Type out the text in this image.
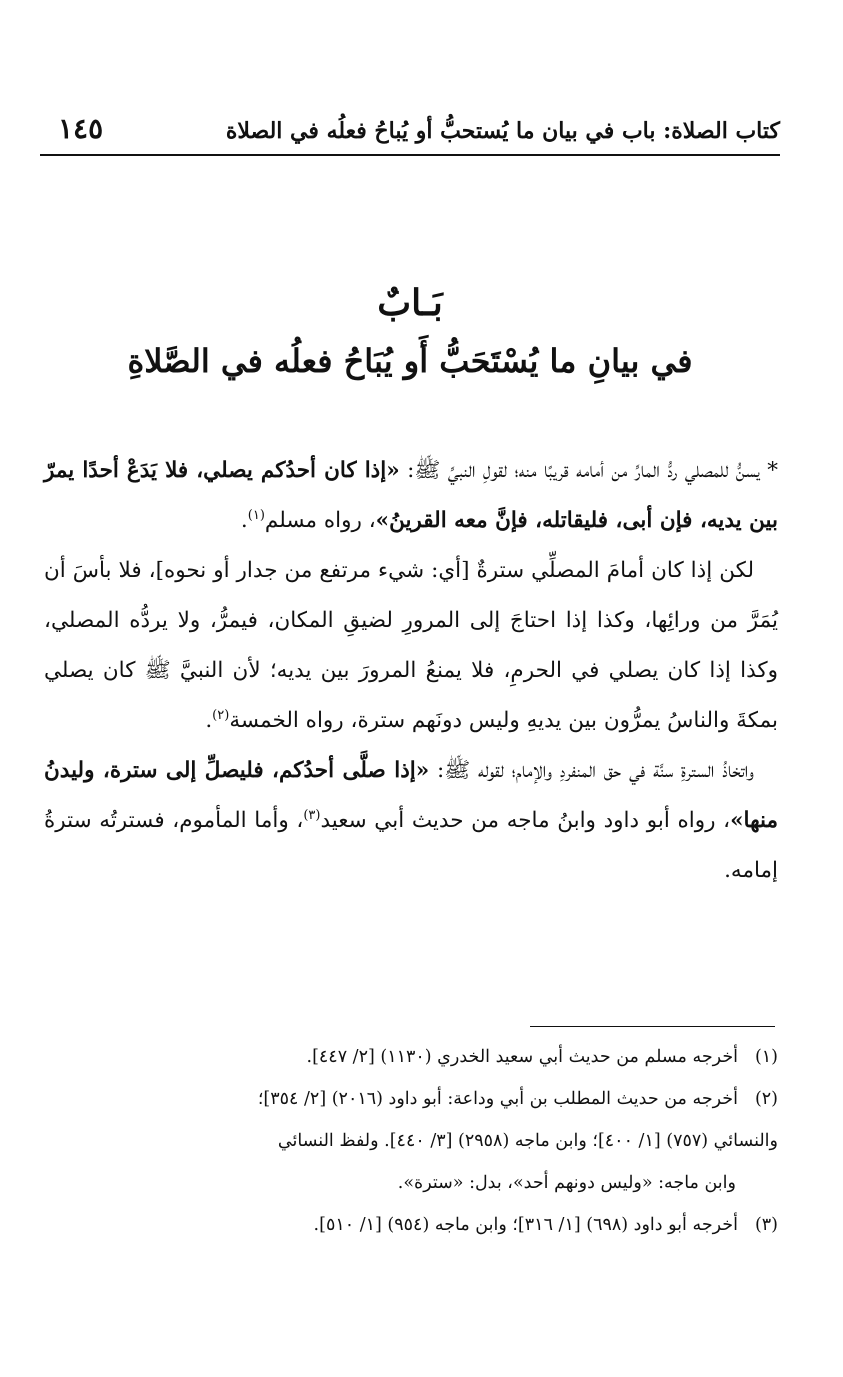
كتاب الصلاة: باب في بيان ما يُستحبُّ أو يُباحُ فعلُه في الصلاة
١٤٥
بَـابٌ
في بيانِ ما يُسْتَحَبُّ أَو يُبَاحُ فعلُه في الصَّلاةِ

* يسنُّ للمصلي ردُّ المارِّ من أمامه قريبًا منه؛ لقولِ النبيِّ ﷺ: «إذا كان أحدُكم يصلي، فلا يَدَعْ أحدًا يمرّ بين يديه، فإن أبى، فليقاتله، فإنَّ معه القرينُ»، رواه مسلم$^{(١)}$.

لكن إذا كان أمامَ المصلِّي سترةٌ [أي: شيء مرتفع من جدار أو نحوه]، فلا بأسَ أن يُمَرَّ من ورائِها، وكذا إذا احتاجَ إلى المرورِ لضيقِ المكان، فيمرُّ، ولا يردُّه المصلي، وكذا إذا كان يصلي في الحرمِ، فلا يمنعُ المرورَ بين يديه؛ لأن النبيَّ ﷺ كان يصلي بمكةَ والناسُ يمرُّون بين يديهِ وليس دونَهم سترة، رواه الخمسة$^{(٢)}$.

واتخاذُ السترةِ سنَّة في حق المنفردِ والإمام؛ لقوله ﷺ: «إذا صلَّى أحدُكم، فليصلِّ إلى سترة، وليدنُ منها»، رواه أبو داود وابنُ ماجه من حديث أبي سعيد$^{(٣)}$، وأما المأموم، فسترتُه سترةُ إمامه.

(١)أخرجه مسلم من حديث أبي سعيد الخدري (١١٣٠) [٢/ ٤٤٧].

(٢)أخرجه من حديث المطلب بن أبي وداعة: أبو داود (٢٠١٦) [٢/ ٣٥٤]؛

والنسائي (٧٥٧) [١/ ٤٠٠]؛ وابن ماجه (٢٩٥٨) [٣/ ٤٤٠]. ولفظ النسائي

وابن ماجه: «وليس دونهم أحد»، بدل: «سترة».

(٣)أخرجه أبو داود (٦٩٨) [١/ ٣١٦]؛ وابن ماجه (٩٥٤) [١/ ٥١٠].
